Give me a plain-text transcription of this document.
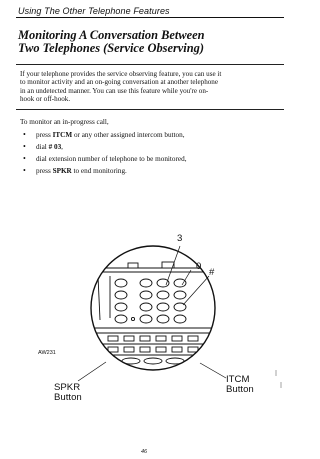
Using The Other Telephone Features
Monitoring A Conversation Between
Two Telephones (Service Observing)

If your telephone provides the service observing feature, you can use it
to monitor activity and an on-going conversation at another telephone
in an undetected manner. You can use this feature while you're on-
hook or off-hook.

To monitor an in-progress call,

• press ITCM or any other assigned intercom button,
• dial # 03,
• dial extension number of telephone to be monitored,
• press SPKR to end monitoring.
3
0
#
AW231
SPKR
Button
ITCM
Button
46
